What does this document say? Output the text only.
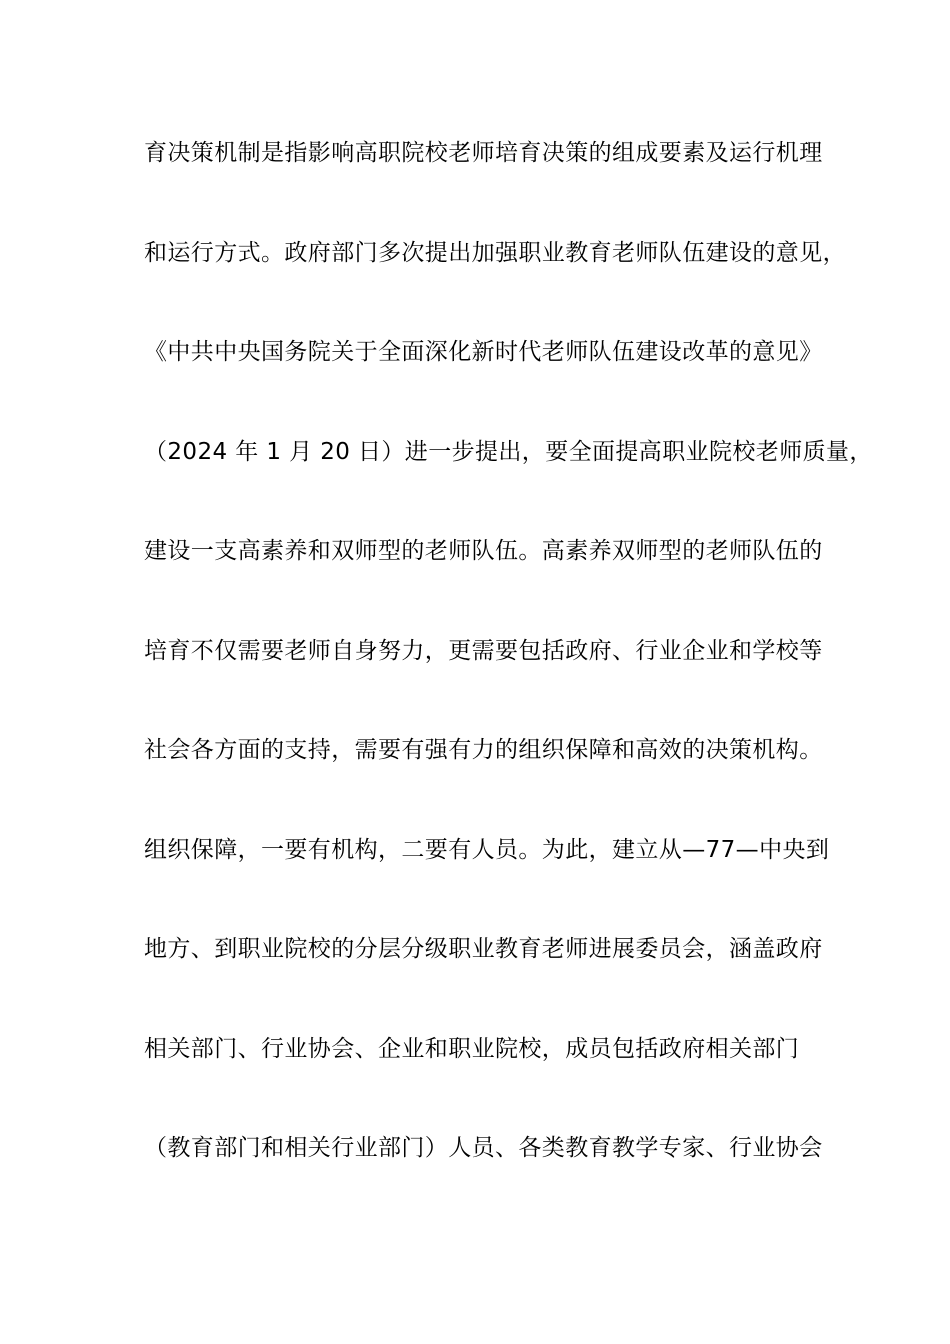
育决策机制是指影响高职院校老师培育决策的组成要素及运行机理
和运行方式。政府部门多次提出加强职业教育老师队伍建设的意见，
《中共中央国务院关于全面深化新时代老师队伍建设改革的意见》
（2024 年 1 月 20 日）进一步提出，要全面提高职业院校老师质量，
建设一支高素养和双师型的老师队伍。高素养双师型的老师队伍的
培育不仅需要老师自身努力，更需要包括政府、行业企业和学校等
社会各方面的支持，需要有强有力的组织保障和高效的决策机构。
组织保障，一要有机构，二要有人员。为此，建立从—77—中央到
地方、到职业院校的分层分级职业教育老师进展委员会，涵盖政府
相关部门、行业协会、企业和职业院校，成员包括政府相关部门
（教育部门和相关行业部门）人员、各类教育教学专家、行业协会
